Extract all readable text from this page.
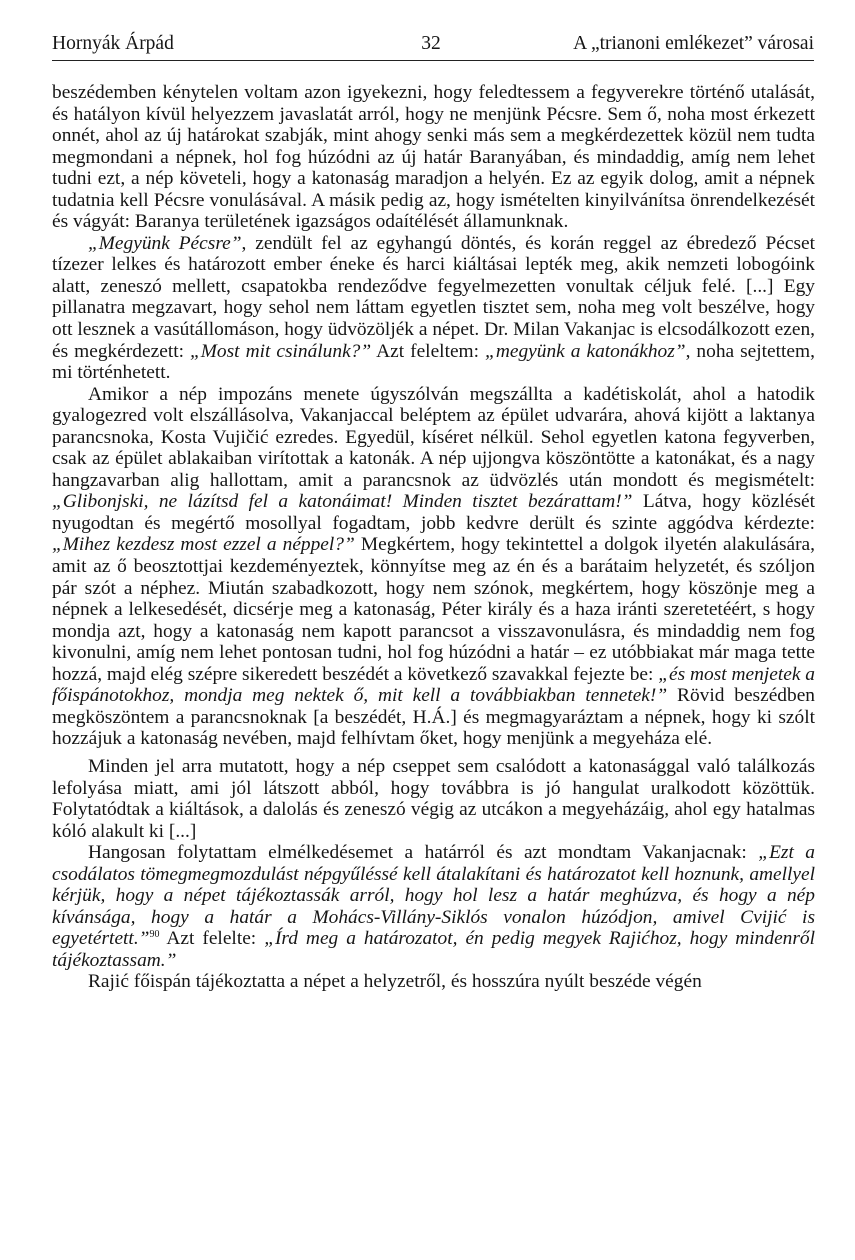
Hornyák Árpád	32	A „trianoni emlékezet” városai

beszédemben kénytelen voltam azon igyekezni, hogy feledtessem a fegyverekre történő utalását, és hatályon kívül helyezzem javaslatát arról, hogy ne menjünk Pécsre. Sem ő, noha most érkezett onnét, ahol az új határokat szabják, mint ahogy senki más sem a megkérdezettek közül nem tudta megmondani a népnek, hol fog húzódni az új határ Baranyában, és mindaddig, amíg nem lehet tudni ezt, a nép követeli, hogy a katonaság maradjon a helyén. Ez az egyik dolog, amit a népnek tudatnia kell Pécsre vonulásával. A másik pedig az, hogy ismételten kinyilvánítsa önrendelkezését és vágyát: Baranya területének igazságos odaítélését államunknak.

„Megyünk Pécsre”, zendült fel az egyhangú döntés, és korán reggel az ébredező Pécset tízezer lelkes és határozott ember éneke és harci kiáltásai lepték meg, akik nemzeti lobogóink alatt, zeneszó mellett, csapatokba rendeződve fegyelmezetten vonultak céljuk felé. [...] Egy pillanatra megzavart, hogy sehol nem láttam egyetlen tisztet sem, noha meg volt beszélve, hogy ott lesznek a vasútállomáson, hogy üdvözöljék a népet. Dr. Milan Vakanjac is elcsodálkozott ezen, és megkérdezett: „Most mit csinálunk?” Azt feleltem: „megyünk a katonákhoz”, noha sejtettem, mi történhetett.

Amikor a nép impozáns menete úgyszólván megszállta a kadétiskolát, ahol a hatodik gyalogezred volt elszállásolva, Vakanjaccal beléptem az épület udvarára, ahová kijött a laktanya parancsnoka, Kosta Vujičić ezredes. Egyedül, kíséret nélkül. Sehol egyetlen katona fegyverben, csak az épület ablakaiban virítottak a katonák. A nép ujjongva köszöntötte a katonákat, és a nagy hangzavarban alig hallottam, amit a parancsnok az üdvözlés után mondott és megismételt: „Glibonjski, ne lázítsd fel a katonáimat! Minden tisztet bezárattam!” Látva, hogy közlését nyugodtan és megértő mosollyal fogadtam, jobb kedvre derült és szinte aggódva kérdezte: „Mihez kezdesz most ezzel a néppel?” Megkértem, hogy tekintettel a dolgok ilyetén alakulására, amit az ő beosztottjai kezdeményeztek, könnyítse meg az én és a barátaim helyzetét, és szóljon pár szót a néphez. Miután szabadkozott, hogy nem szónok, megkértem, hogy köszönje meg a népnek a lelkesedését, dicsérje meg a katonaság, Péter király és a haza iránti szeretetéért, s hogy mondja azt, hogy a katonaság nem kapott parancsot a visszavonulásra, és mindaddig nem fog kivonulni, amíg nem lehet pontosan tudni, hol fog húzódni a határ – ez utóbbiakat már maga tette hozzá, majd elég szépre sikeredett beszédét a következő szavakkal fejezte be: „és most menjetek a főispánotokhoz, mondja meg nektek ő, mit kell a továbbiakban tennetek!” Rövid beszédben megköszöntem a parancsnoknak [a beszédét, H.Á.] és megmagyaráztam a népnek, hogy ki szólt hozzájuk a katonaság nevében, majd felhívtam őket, hogy menjünk a megyeháza elé.

Minden jel arra mutatott, hogy a nép cseppet sem csalódott a katonasággal való találkozás lefolyása miatt, ami jól látszott abból, hogy továbbra is jó hangulat uralkodott közöttük. Folytatódtak a kiáltások, a dalolás és zeneszó végig az utcákon a megyeházáig, ahol egy hatalmas kóló alakult ki [...]

Hangosan folytattam elmélkedésemet a határról és azt mondtam Vakanjacnak: „Ezt a csodálatos tömegmegmozdulást népgyűléssé kell átalakítani és határozatot kell hoznunk, amellyel kérjük, hogy a népet tájékoztassák arról, hogy hol lesz a határ meghúzva, és hogy a nép kívánsága, hogy a határ a Mohács-Villány-Siklós vonalon húzódjon, amivel Cvijić is egyetértett.”$^{90}$ Azt felelte: „Írd meg a határozatot, én pedig megyek Rajićhoz, hogy mindenről tájékoztassam.”

Rajić főispán tájékoztatta a népet a helyzetről, és hosszúra nyúlt beszéde végén
